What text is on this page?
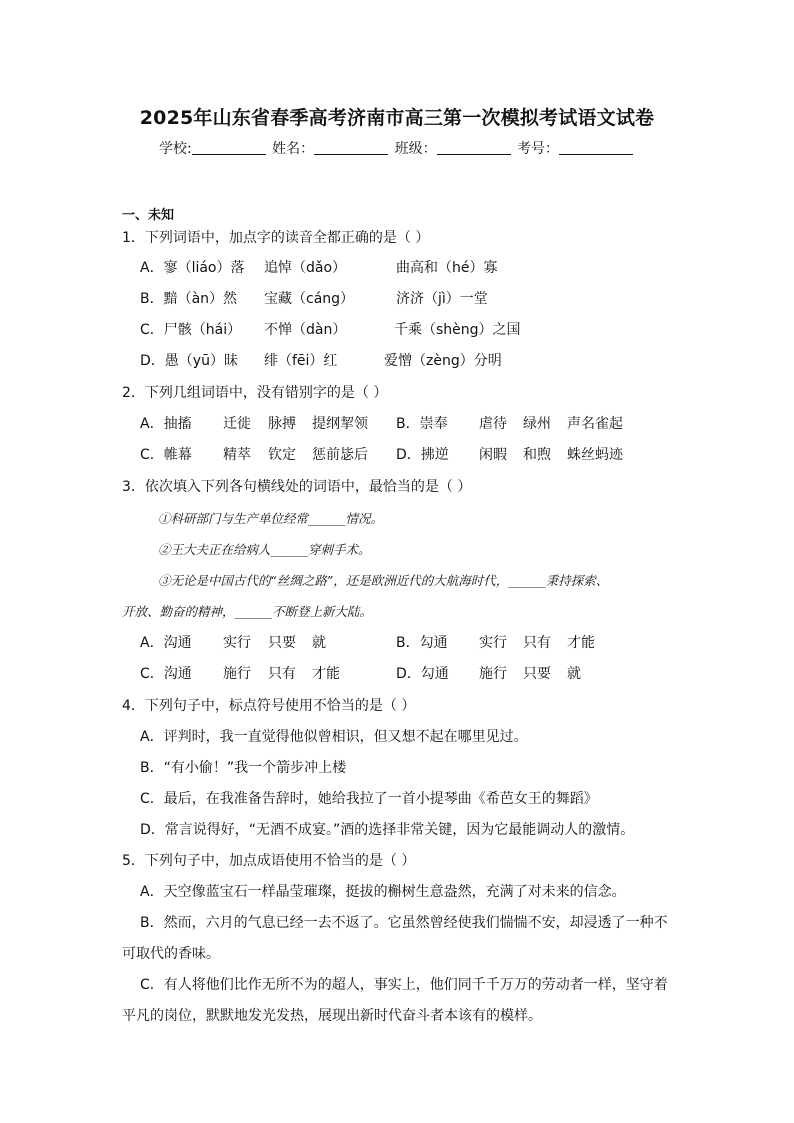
2025年山东省春季高考济南市高三第一次模拟考试语文试卷
学校:	姓名：	班级：	考号：
一、未知
1．下列词语中，加点字的读音全都正确的是（ ）
A．寥（liáo）落 追悼（dǎo）	曲高和（hé）寡
B．黯（àn）然 宝藏（cáng）	济济（jì）一堂
C．尸骸（hái） 不惮（dàn）	千乘（shèng）之国
D．愚（yū）昧 绯（fēi）红	爱憎（zèng）分明
2．下列几组词语中，没有错别字的是（ ）
A．抽搐 迁徙 脉搏 提纲挈领 B．崇奉 虐待 绿州 声名雀起
C．帷幕 精萃 钦定 惩前毖后 D．拂逆 闲暇 和煦 蛛丝蚂迹
3．依次填入下列各句横线处的词语中，最恰当的是（ ）
①科研部门与生产单位经常______情况。
②王大夫正在给病人______穿刺手术。
③无论是中国古代的“丝绸之路”，还是欧洲近代的大航海时代，______秉持探索、
开放、勤奋的精神，______不断登上新大陆。
A．沟通 实行 只要 就	B．勾通 实行 只有 才能
C．沟通 施行 只有 才能	D．勾通 施行 只要 就
4．下列句子中，标点符号使用不恰当的是（ ）
A．评判时，我一直觉得他似曾相识，但又想不起在哪里见过。
B．“有小偷！”我一个箭步冲上楼
C．最后，在我准备告辞时，她给我拉了一首小提琴曲《希芭女王的舞蹈》
D．常言说得好，“无酒不成宴。”酒的选择非常关键，因为它最能调动人的激情。
5．下列句子中，加点成语使用不恰当的是（ ）
A．天空像蓝宝石一样晶莹璀璨，挺拔的槲树生意盎然，充满了对未来的信念。
B．然而，六月的气息已经一去不返了。它虽然曾经使我们惴惴不安，却浸透了一种不
可取代的香味。
C．有人将他们比作无所不为的超人，事实上，他们同千千万万的劳动者一样，坚守着
平凡的岗位，默默地发光发热，展现出新时代奋斗者本该有的模样。
